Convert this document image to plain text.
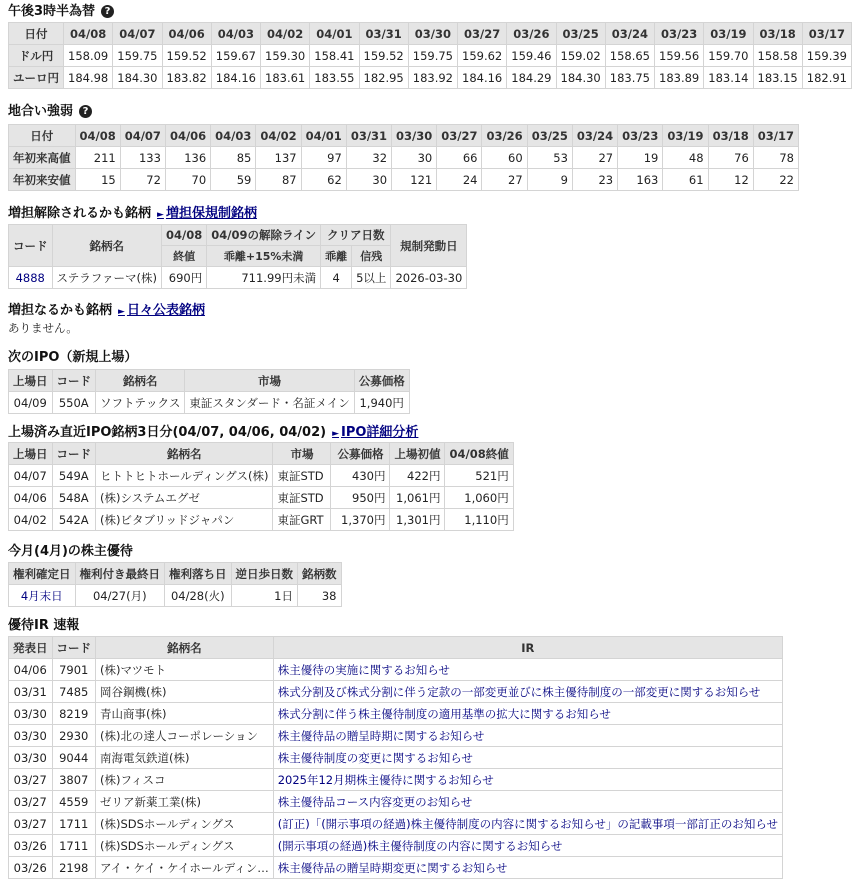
午後3時半為替 ?
日付	04/08	04/07	04/06	04/03	04/02	04/01	03/31	03/30	03/27	03/26	03/25	03/24	03/23	03/19	03/18	03/17
ドル円	158.09	159.75	159.52	159.67	159.30	158.41	159.52	159.75	159.62	159.46	159.02	158.65	159.56	159.70	158.58	159.39
ユーロ円	184.98	184.30	183.82	184.16	183.61	183.55	182.95	183.92	184.16	184.29	184.30	183.75	183.89	183.14	183.15	182.91
地合い強弱 ?
日付	04/08	04/07	04/06	04/03	04/02	04/01	03/31	03/30	03/27	03/26	03/25	03/24	03/23	03/19	03/18	03/17
年初来高値	211	133	136	85	137	97	32	30	66	60	53	27	19	48	76	78
年初来安値	15	72	70	59	87	62	30	121	24	27	9	23	163	61	12	22
増担解除されるかも銘柄 ► 増担保規制銘柄
コード	銘柄名	04/08	04/09の解除ライン	クリア日数		規制発動日
		終値	乖離+15%未満	乖離	信残	
4888	ステラファーマ(株)	690円	711.99円未満	4	5以上	2026-03-30
増担なるかも銘柄 ► 日々公表銘柄
ありません。
次のIPO（新規上場）
上場日	コード	銘柄名	市場	公募価格
04/09	550A	ソフトテックス	東証スタンダード・名証メイン	1,940円
上場済み直近IPO銘柄3日分(04/07, 04/06, 04/02) ► IPO詳細分析
上場日	コード	銘柄名	市場	公募価格	上場初値	04/08終値
04/07	549A	ヒトトヒトホールディングス(株)	東証STD	430円	422円	521円
04/06	548A	(株)システムエグゼ	東証STD	950円	1,061円	1,060円
04/02	542A	(株)ビタブリッドジャパン	東証GRT	1,370円	1,301円	1,110円
今月(4月)の株主優待
権利確定日	権利付き最終日	権利落ち日	逆日歩日数	銘柄数
4月末日	04/27(月)	04/28(火)	1日	38
優待IR 速報
発表日	コード	銘柄名	IR
04/06	7901	(株)マツモト	株主優待の実施に関するお知らせ
03/31	7485	岡谷鋼機(株)	株式分割及び株式分割に伴う定款の一部変更並びに株主優待制度の一部変更に関するお知らせ
03/30	8219	青山商事(株)	株式分割に伴う株主優待制度の適用基準の拡大に関するお知らせ
03/30	2930	(株)北の達人コーポレーション	株主優待品の贈呈時期に関するお知らせ
03/30	9044	南海電気鉄道(株)	株主優待制度の変更に関するお知らせ
03/27	3807	(株)フィスコ	2025年12月期株主優待に関するお知らせ
03/27	4559	ゼリア新薬工業(株)	株主優待品コース内容変更のお知らせ
03/27	1711	(株)SDSホールディングス	(訂正)「(開示事項の経過)株主優待制度の内容に関するお知らせ」の記載事項一部訂正のお知らせ
03/26	1711	(株)SDSホールディングス	(開示事項の経過)株主優待制度の内容に関するお知らせ
03/26	2198	アイ・ケイ・ケイホールディン…	株主優待品の贈呈時期変更に関するお知らせ
